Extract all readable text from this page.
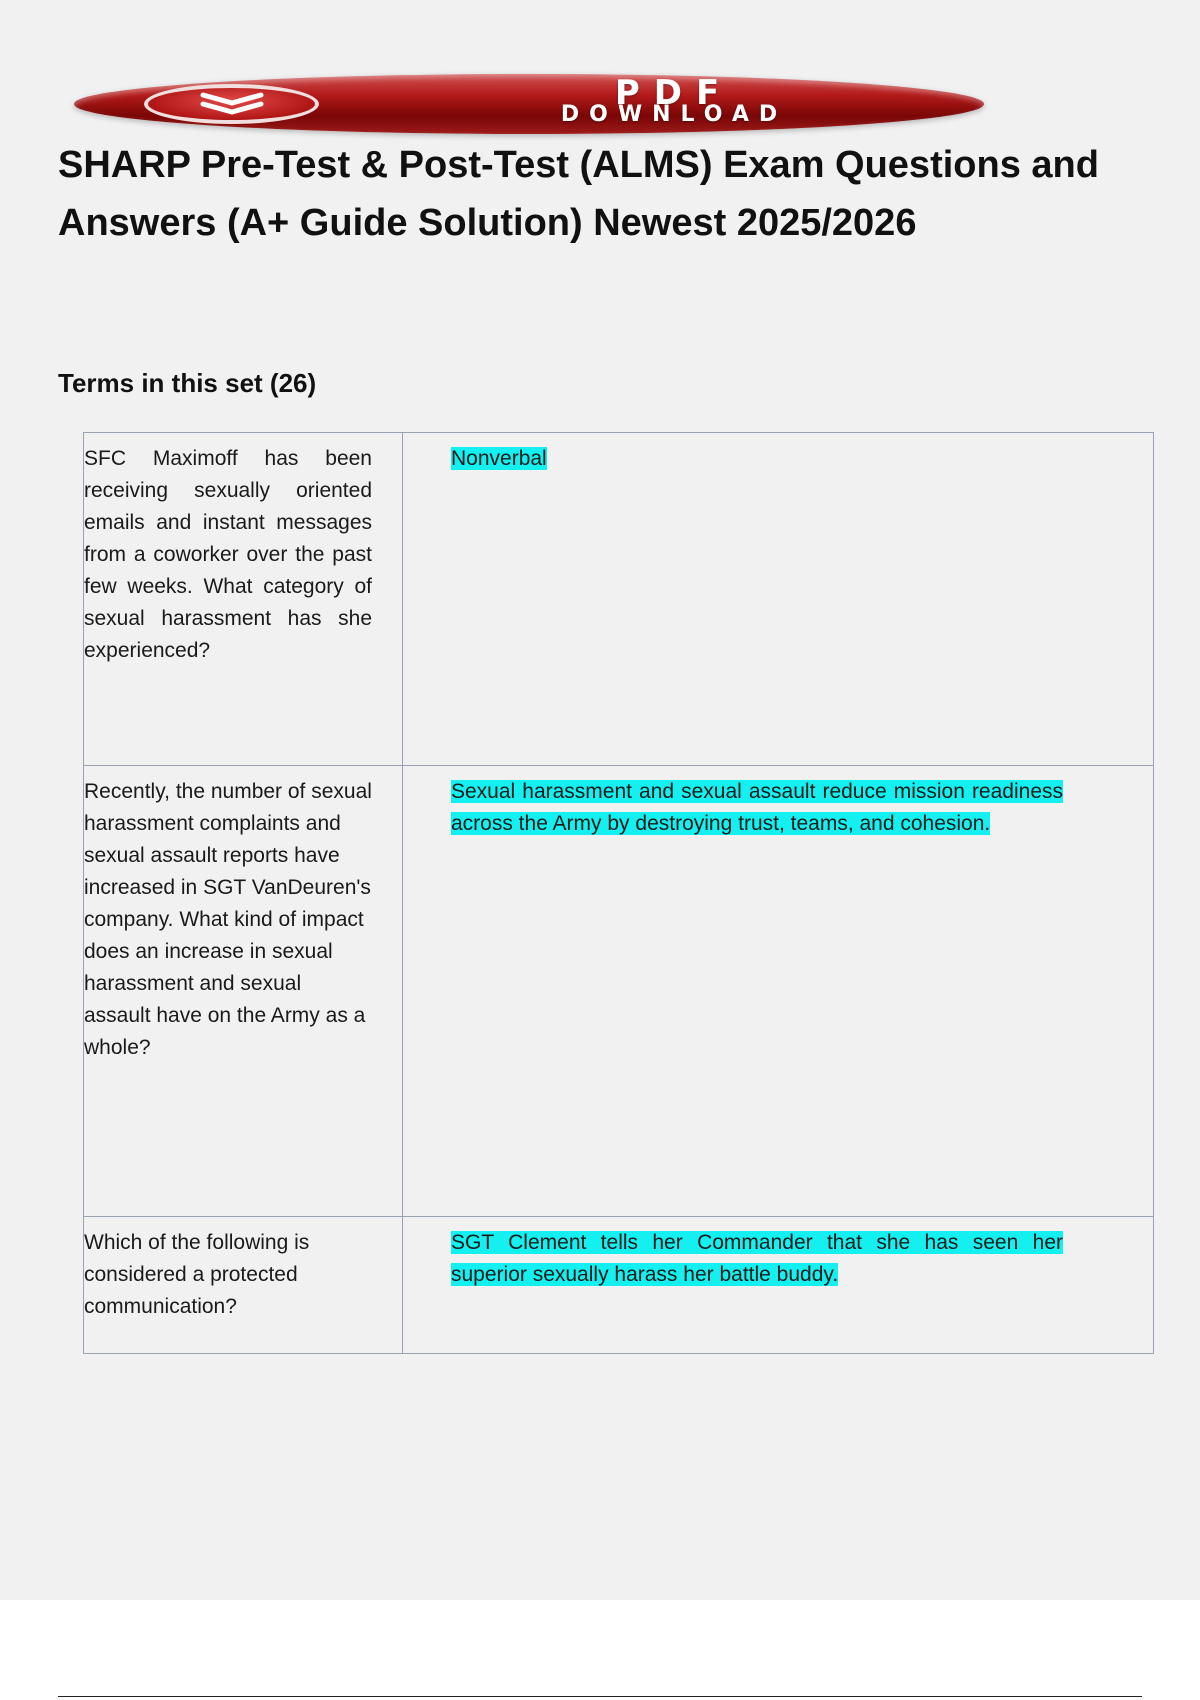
PDF
DOWNLOAD
SHARP Pre-Test & Post-Test (ALMS) Exam Questions and Answers (A+ Guide Solution) Newest 2025/2026
Terms in this set (26)
SFC Maximoff has been receiving sexually oriented emails and instant messages from a coworker over the past few weeks. What category of sexual harassment has she experienced?	Nonverbal

Recently, the number of sexual harassment complaints and sexual assault reports have increased in SGT VanDeuren's company. What kind of impact does an increase in sexual harassment and sexual assault have on the Army as a whole?	Sexual harassment and sexual assault reduce mission readiness across the Army by destroying trust, teams, and cohesion.

Which of the following is considered a protected communication?	SGT Clement tells her Commander that she has seen her superior sexually harass her battle buddy.
